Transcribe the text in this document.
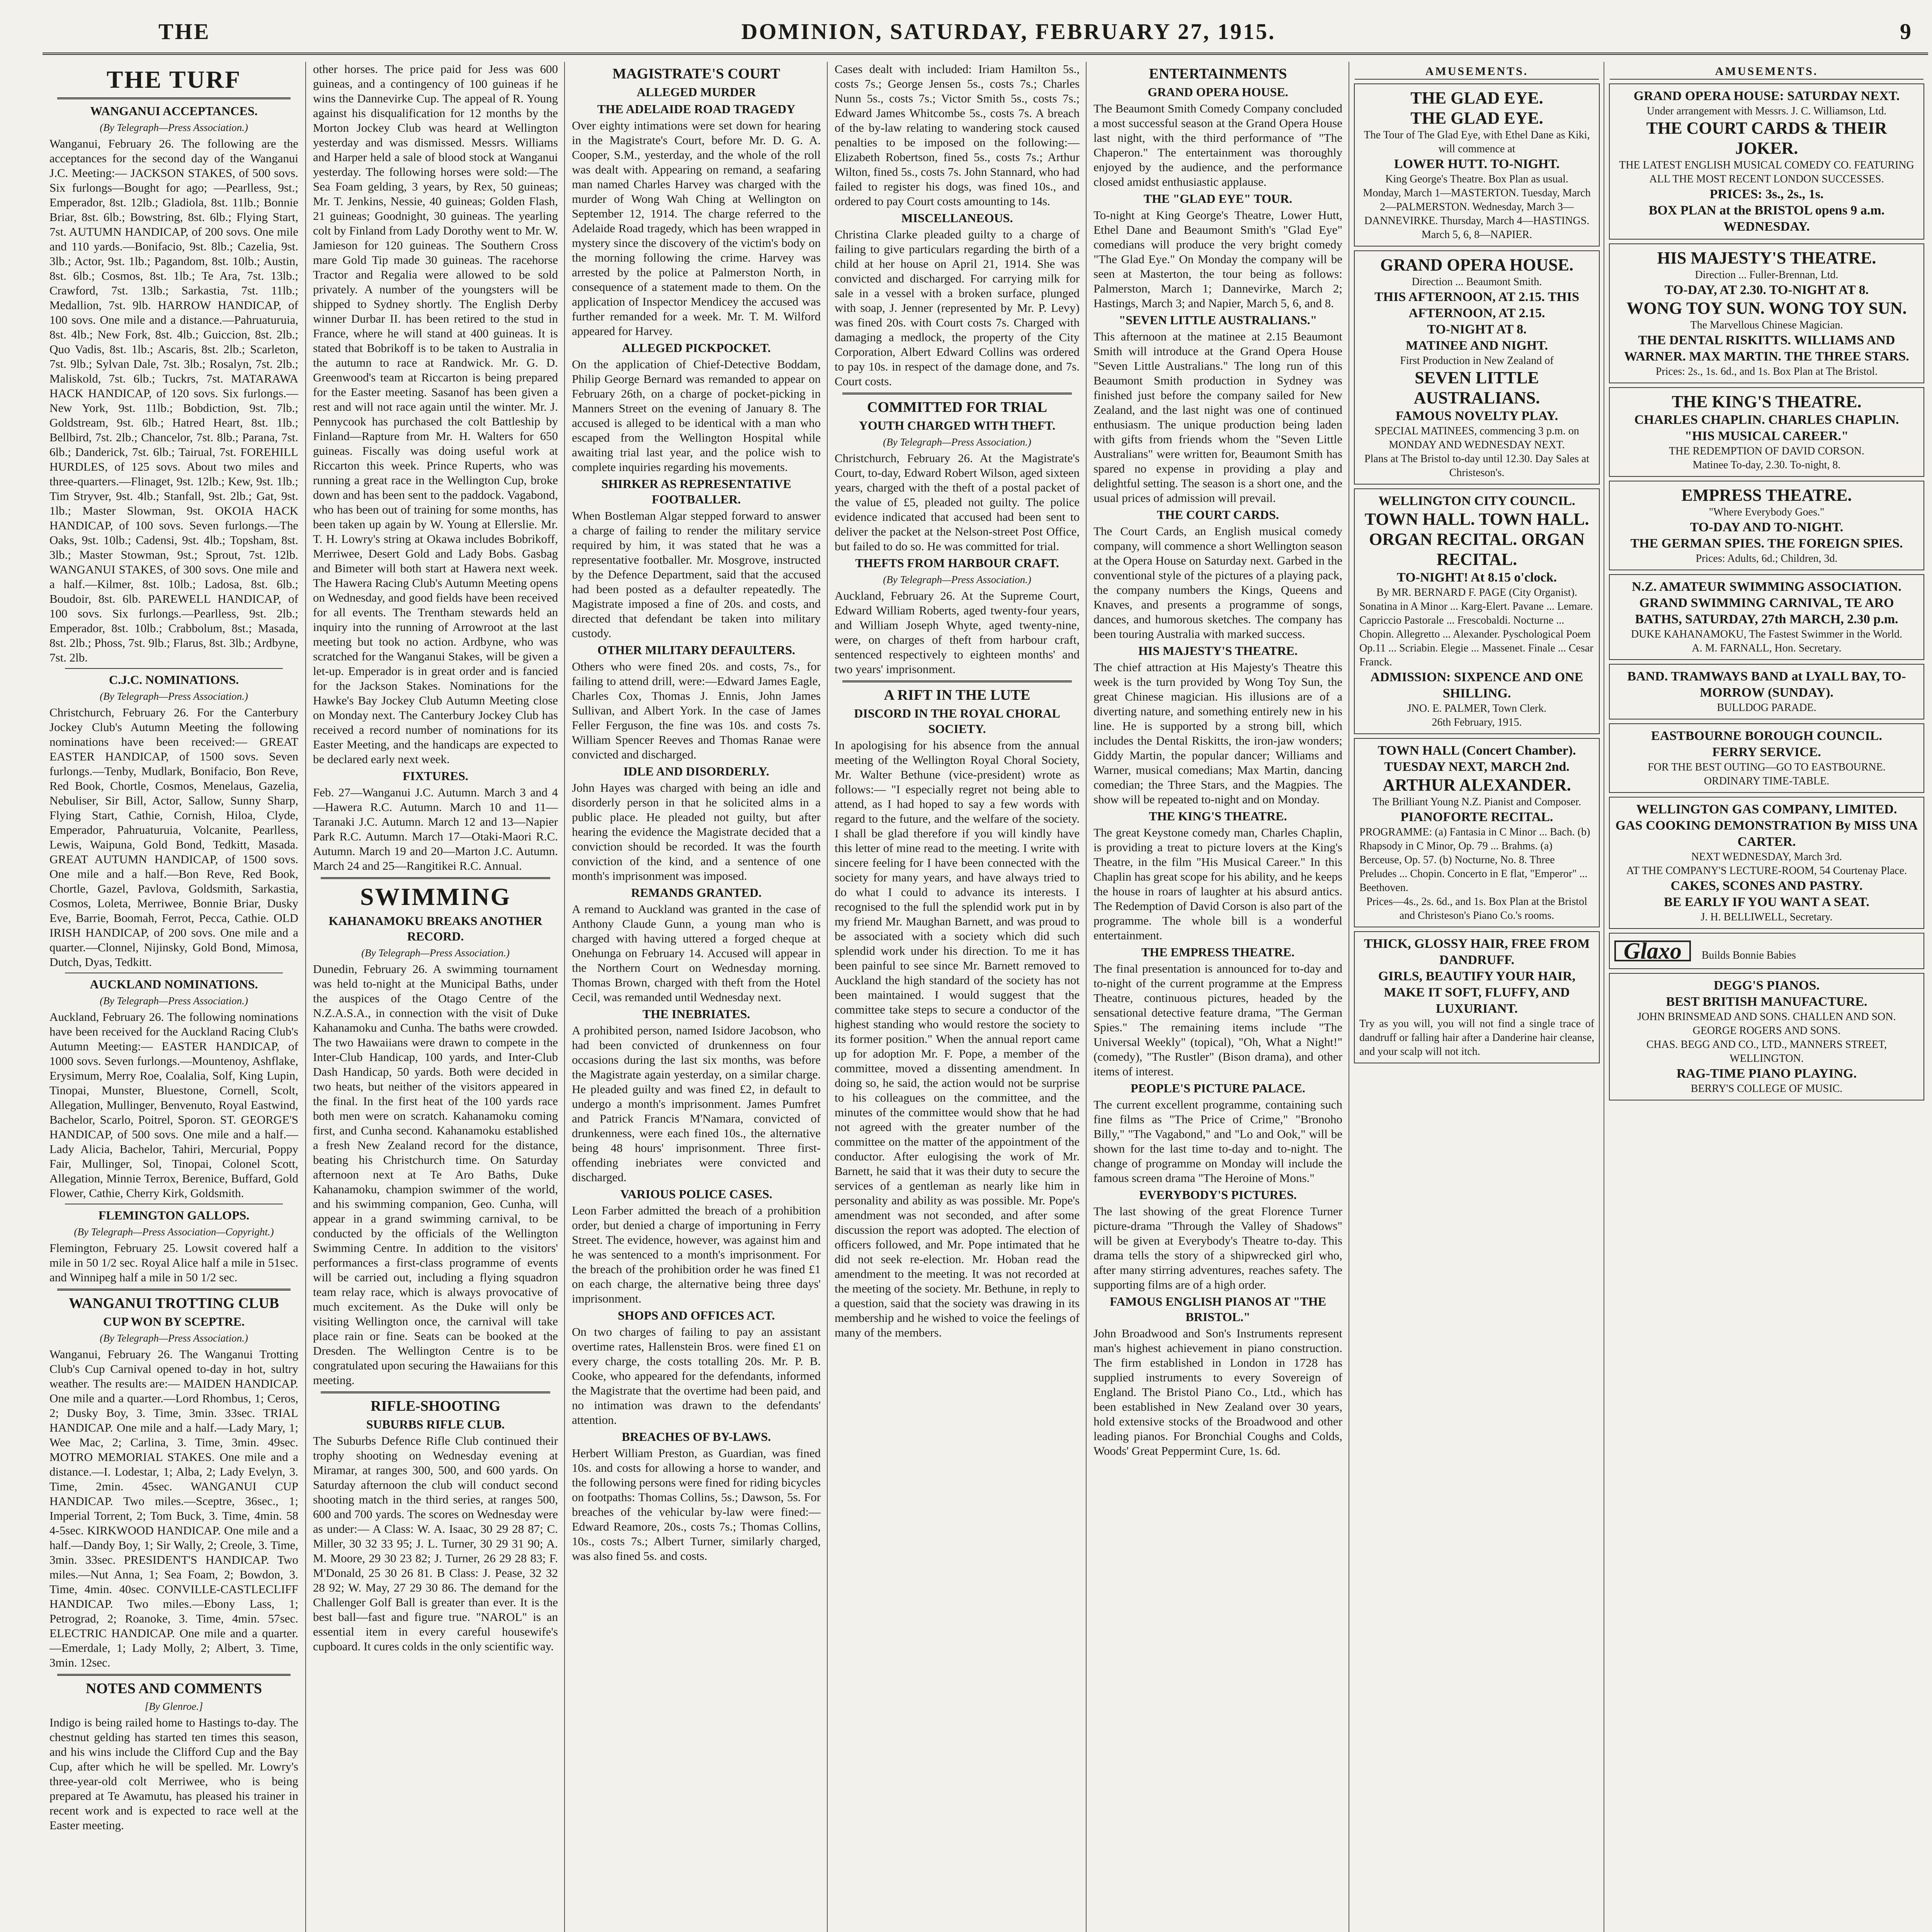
THE	DOMINION, SATURDAY, FEBRUARY 27, 1915.	9
THE TURF
WANGANUI ACCEPTANCES.
(By Telegraph—Press Association.)

Wanganui, February 26. The following are the acceptances for the second day of the Wanganui J.C. Meeting:— JACKSON STAKES, of 500 sovs. Six furlongs—Bought for ago; —Pearlless, 9st.; Emperador, 8st. 12lb.; Gladiola, 8st. 11lb.; Bonnie Briar, 8st. 6lb.; Bowstring, 8st. 6lb.; Flying Start, 7st. AUTUMN HANDICAP, of 200 sovs. One mile and 110 yards.—Bonifacio, 9st. 8lb.; Cazelia, 9st. 3lb.; Actor, 9st. 1lb.; Pagandom, 8st. 10lb.; Austin, 8st. 6lb.; Cosmos, 8st. 1lb.; Te Ara, 7st. 13lb.; Crawford, 7st. 13lb.; Sarkastia, 7st. 11lb.; Medallion, 7st. 9lb. HARROW HANDICAP, of 100 sovs. One mile and a distance.—Pahruaturuia, 8st. 4lb.; New Fork, 8st. 4lb.; Guiccion, 8st. 2lb.; Quo Vadis, 8st. 1lb.; Ascaris, 8st. 2lb.; Scarleton, 7st. 9lb.; Sylvan Dale, 7st. 3lb.; Rosalyn, 7st. 2lb.; Maliskold, 7st. 6lb.; Tuckrs, 7st. MATARAWA HACK HANDICAP, of 120 sovs. Six furlongs.—New York, 9st. 11lb.; Bobdiction, 9st. 7lb.; Goldstream, 9st. 6lb.; Hatred Heart, 8st. 1lb.; Bellbird, 7st. 2lb.; Chancelor, 7st. 8lb.; Parana, 7st. 6lb.; Danderick, 7st. 6lb.; Tairual, 7st. FOREHILL HURDLES, of 125 sovs. About two miles and three-quarters.—Flinaget, 9st. 12lb.; Kew, 9st. 1lb.; Tim Stryver, 9st. 4lb.; Stanfall, 9st. 2lb.; Gat, 9st. 1lb.; Master Slowman, 9st. OKOIA HACK HANDICAP, of 100 sovs. Seven furlongs.—The Oaks, 9st. 10lb.; Cadensi, 9st. 4lb.; Topsham, 8st. 3lb.; Master Stowman, 9st.; Sprout, 7st. 12lb. WANGANUI STAKES, of 300 sovs. One mile and a half.—Kilmer, 8st. 10lb.; Ladosa, 8st. 6lb.; Boudoir, 8st. 6lb. PAREWELL HANDICAP, of 100 sovs. Six furlongs.—Pearlless, 9st. 2lb.; Emperador, 8st. 10lb.; Crabbolum, 8st.; Masada, 8st. 2lb.; Phoss, 7st. 9lb.; Flarus, 8st. 3lb.; Ardbyne, 7st. 2lb.

C.J.C. NOMINATIONS.
(By Telegraph—Press Association.)

Christchurch, February 26. For the Canterbury Jockey Club's Autumn Meeting the following nominations have been received:— GREAT EASTER HANDICAP, of 1500 sovs. Seven furlongs.—Tenby, Mudlark, Bonifacio, Bon Reve, Red Book, Chortle, Cosmos, Menelaus, Gazelia, Nebuliser, Sir Bill, Actor, Sallow, Sunny Sharp, Flying Start, Cathie, Cornish, Hiloa, Clyde, Emperador, Pahruaturuia, Volcanite, Pearlless, Lewis, Waipuna, Gold Bond, Tedkitt, Masada. GREAT AUTUMN HANDICAP, of 1500 sovs. One mile and a half.—Bon Reve, Red Book, Chortle, Gazel, Pavlova, Goldsmith, Sarkastia, Cosmos, Loleta, Merriwee, Bonnie Briar, Dusky Eve, Barrie, Boomah, Ferrot, Pecca, Cathie. OLD IRISH HANDICAP, of 200 sovs. One mile and a quarter.—Clonnel, Nijinsky, Gold Bond, Mimosa, Dutch, Dyas, Tedkitt.

AUCKLAND NOMINATIONS.
(By Telegraph—Press Association.)

Auckland, February 26. The following nominations have been received for the Auckland Racing Club's Autumn Meeting:— EASTER HANDICAP, of 1000 sovs. Seven furlongs.—Mountenoy, Ashflake, Erysimum, Merry Roe, Coalalia, Solf, King Lupin, Tinopai, Munster, Bluestone, Cornell, Scolt, Allegation, Mullinger, Benvenuto, Royal Eastwind, Bachelor, Scarlo, Poitrel, Sporon. ST. GEORGE'S HANDICAP, of 500 sovs. One mile and a half.—Lady Alicia, Bachelor, Tahiri, Mercurial, Poppy Fair, Mullinger, Sol, Tinopai, Colonel Scott, Allegation, Minnie Terrox, Berenice, Buffard, Gold Flower, Cathie, Cherry Kirk, Goldsmith.

FLEMINGTON GALLOPS.
(By Telegraph—Press Association—Copyright.)

Flemington, February 25. Lowsit covered half a mile in 50 1/2 sec. Royal Alice half a mile in 51sec. and Winnipeg half a mile in 50 1/2 sec.

WANGANUI TROTTING CLUB
CUP WON BY SCEPTRE.
(By Telegraph—Press Association.)

Wanganui, February 26. The Wanganui Trotting Club's Cup Carnival opened to-day in hot, sultry weather. The results are:— MAIDEN HANDICAP. One mile and a quarter.—Lord Rhombus, 1; Ceros, 2; Dusky Boy, 3. Time, 3min. 33sec. TRIAL HANDICAP. One mile and a half.—Lady Mary, 1; Wee Mac, 2; Carlina, 3. Time, 3min. 49sec. MOTRO MEMORIAL STAKES. One mile and a distance.—I. Lodestar, 1; Alba, 2; Lady Evelyn, 3. Time, 2min. 45sec. WANGANUI CUP HANDICAP. Two miles.—Sceptre, 36sec., 1; Imperial Torrent, 2; Tom Buck, 3. Time, 4min. 58 4-5sec. KIRKWOOD HANDICAP. One mile and a half.—Dandy Boy, 1; Sir Wally, 2; Creole, 3. Time, 3min. 33sec. PRESIDENT'S HANDICAP. Two miles.—Nut Anna, 1; Sea Foam, 2; Bowdon, 3. Time, 4min. 40sec. CONVILLE-CASTLECLIFF HANDICAP. Two miles.—Ebony Lass, 1; Petrograd, 2; Roanoke, 3. Time, 4min. 57sec. ELECTRIC HANDICAP. One mile and a quarter.—Emerdale, 1; Lady Molly, 2; Albert, 3. Time, 3min. 12sec.

NOTES AND COMMENTS
[By Glenroe.]

Indigo is being railed home to Hastings to-day. The chestnut gelding has started ten times this season, and his wins include the Clifford Cup and the Bay Cup, after which he will be spelled. Mr. Lowry's three-year-old colt Merriwee, who is being prepared at Te Awamutu, has pleased his trainer in recent work and is expected to race well at the Easter meeting.

other horses. The price paid for Jess was 600 guineas, and a contingency of 100 guineas if he wins the Dannevirke Cup. The appeal of R. Young against his disqualification for 12 months by the Morton Jockey Club was heard at Wellington yesterday and was dismissed. Messrs. Williams and Harper held a sale of blood stock at Wanganui yesterday. The following horses were sold:—The Sea Foam gelding, 3 years, by Rex, 50 guineas; Mr. T. Jenkins, Nessie, 40 guineas; Golden Flash, 21 guineas; Goodnight, 30 guineas. The yearling colt by Finland from Lady Dorothy went to Mr. W. Jamieson for 120 guineas. The Southern Cross mare Gold Tip made 30 guineas. The racehorse Tractor and Regalia were allowed to be sold privately. A number of the youngsters will be shipped to Sydney shortly. The English Derby winner Durbar II. has been retired to the stud in France, where he will stand at 400 guineas. It is stated that Bobrikoff is to be taken to Australia in the autumn to race at Randwick. Mr. G. D. Greenwood's team at Riccarton is being prepared for the Easter meeting. Sasanof has been given a rest and will not race again until the winter. Mr. J. Pennycook has purchased the colt Battleship by Finland—Rapture from Mr. H. Walters for 650 guineas. Fiscally was doing useful work at Riccarton this week. Prince Ruperts, who was running a great race in the Wellington Cup, broke down and has been sent to the paddock. Vagabond, who has been out of training for some months, has been taken up again by W. Young at Ellerslie. Mr. T. H. Lowry's string at Okawa includes Bobrikoff, Merriwee, Desert Gold and Lady Bobs. Gasbag and Bimeter will both start at Hawera next week. The Hawera Racing Club's Autumn Meeting opens on Wednesday, and good fields have been received for all events. The Trentham stewards held an inquiry into the running of Arrowroot at the last meeting but took no action. Ardbyne, who was scratched for the Wanganui Stakes, will be given a let-up. Emperador is in great order and is fancied for the Jackson Stakes. Nominations for the Hawke's Bay Jockey Club Autumn Meeting close on Monday next. The Canterbury Jockey Club has received a record number of nominations for its Easter Meeting, and the handicaps are expected to be declared early next week.

FIXTURES.

Feb. 27—Wanganui J.C. Autumn. March 3 and 4—Hawera R.C. Autumn. March 10 and 11—Taranaki J.C. Autumn. March 12 and 13—Napier Park R.C. Autumn. March 17—Otaki-Maori R.C. Autumn. March 19 and 20—Marton J.C. Autumn. March 24 and 25—Rangitikei R.C. Annual.

SWIMMING
KAHANAMOKU BREAKS ANOTHER RECORD.
(By Telegraph—Press Association.)

Dunedin, February 26. A swimming tournament was held to-night at the Municipal Baths, under the auspices of the Otago Centre of the N.Z.A.S.A., in connection with the visit of Duke Kahanamoku and Cunha. The baths were crowded. The two Hawaiians were drawn to compete in the Inter-Club Handicap, 100 yards, and Inter-Club Dash Handicap, 50 yards. Both were decided in two heats, but neither of the visitors appeared in the final. In the first heat of the 100 yards race both men were on scratch. Kahanamoku coming first, and Cunha second. Kahanamoku established a fresh New Zealand record for the distance, beating his Christchurch time. On Saturday afternoon next at Te Aro Baths, Duke Kahanamoku, champion swimmer of the world, and his swimming companion, Geo. Cunha, will appear in a grand swimming carnival, to be conducted by the officials of the Wellington Swimming Centre. In addition to the visitors' performances a first-class programme of events will be carried out, including a flying squadron team relay race, which is always provocative of much excitement. As the Duke will only be visiting Wellington once, the carnival will take place rain or fine. Seats can be booked at the Dresden. The Wellington Centre is to be congratulated upon securing the Hawaiians for this meeting.

RIFLE-SHOOTING
SUBURBS RIFLE CLUB.

The Suburbs Defence Rifle Club continued their trophy shooting on Wednesday evening at Miramar, at ranges 300, 500, and 600 yards. On Saturday afternoon the club will conduct second shooting match in the third series, at ranges 500, 600 and 700 yards. The scores on Wednesday were as under:— A Class: W. A. Isaac, 30 29 28 87; C. Miller, 30 32 33 95; J. L. Turner, 30 29 31 90; A. M. Moore, 29 30 23 82; J. Turner, 26 29 28 83; F. M'Donald, 25 30 26 81. B Class: J. Pease, 32 32 28 92; W. May, 27 29 30 86. The demand for the Challenger Golf Ball is greater than ever. It is the best ball—fast and figure true. "NAROL" is an essential item in every careful housewife's cupboard. It cures colds in the only scientific way.

MAGISTRATE'S COURT
ALLEGED MURDER
THE ADELAIDE ROAD TRAGEDY

Over eighty intimations were set down for hearing in the Magistrate's Court, before Mr. D. G. A. Cooper, S.M., yesterday, and the whole of the roll was dealt with. Appearing on remand, a seafaring man named Charles Harvey was charged with the murder of Wong Wah Ching at Wellington on September 12, 1914. The charge referred to the Adelaide Road tragedy, which has been wrapped in mystery since the discovery of the victim's body on the morning following the crime. Harvey was arrested by the police at Palmerston North, in consequence of a statement made to them. On the application of Inspector Mendicey the accused was further remanded for a week. Mr. T. M. Wilford appeared for Harvey.

ALLEGED PICKPOCKET.

On the application of Chief-Detective Boddam, Philip George Bernard was remanded to appear on February 26th, on a charge of pocket-picking in Manners Street on the evening of January 8. The accused is alleged to be identical with a man who escaped from the Wellington Hospital while awaiting trial last year, and the police wish to complete inquiries regarding his movements.

SHIRKER AS REPRESENTATIVE FOOTBALLER.

When Bostleman Algar stepped forward to answer a charge of failing to render the military service required by him, it was stated that he was a representative footballer. Mr. Mosgrove, instructed by the Defence Department, said that the accused had been posted as a defaulter repeatedly. The Magistrate imposed a fine of 20s. and costs, and directed that defendant be taken into military custody.

OTHER MILITARY DEFAULTERS.

Others who were fined 20s. and costs, 7s., for failing to attend drill, were:—Edward James Eagle, Charles Cox, Thomas J. Ennis, John James Sullivan, and Albert York. In the case of James Feller Ferguson, the fine was 10s. and costs 7s. William Spencer Reeves and Thomas Ranae were convicted and discharged.

IDLE AND DISORDERLY.

John Hayes was charged with being an idle and disorderly person in that he solicited alms in a public place. He pleaded not guilty, but after hearing the evidence the Magistrate decided that a conviction should be recorded. It was the fourth conviction of the kind, and a sentence of one month's imprisonment was imposed.

REMANDS GRANTED.

A remand to Auckland was granted in the case of Anthony Claude Gunn, a young man who is charged with having uttered a forged cheque at Onehunga on February 14. Accused will appear in the Northern Court on Wednesday morning. Thomas Brown, charged with theft from the Hotel Cecil, was remanded until Wednesday next.

THE INEBRIATES.

A prohibited person, named Isidore Jacobson, who had been convicted of drunkenness on four occasions during the last six months, was before the Magistrate again yesterday, on a similar charge. He pleaded guilty and was fined £2, in default to undergo a month's imprisonment. James Pumfret and Patrick Francis M'Namara, convicted of drunkenness, were each fined 10s., the alternative being 48 hours' imprisonment. Three first-offending inebriates were convicted and discharged.

VARIOUS POLICE CASES.

Leon Farber admitted the breach of a prohibition order, but denied a charge of importuning in Ferry Street. The evidence, however, was against him and he was sentenced to a month's imprisonment. For the breach of the prohibition order he was fined £1 on each charge, the alternative being three days' imprisonment.

SHOPS AND OFFICES ACT.

On two charges of failing to pay an assistant overtime rates, Hallenstein Bros. were fined £1 on every charge, the costs totalling 20s. Mr. P. B. Cooke, who appeared for the defendants, informed the Magistrate that the overtime had been paid, and no intimation was drawn to the defendants' attention.

BREACHES OF BY-LAWS.

Herbert William Preston, as Guardian, was fined 10s. and costs for allowing a horse to wander, and the following persons were fined for riding bicycles on footpaths: Thomas Collins, 5s.; Dawson, 5s. For breaches of the vehicular by-law were fined:—Edward Reamore, 20s., costs 7s.; Thomas Collins, 10s., costs 7s.; Albert Turner, similarly charged, was also fined 5s. and costs.

Cases dealt with included: Iriam Hamilton 5s., costs 7s.; George Jensen 5s., costs 7s.; Charles Nunn 5s., costs 7s.; Victor Smith 5s., costs 7s.; Edward James Whitcombe 5s., costs 7s. A breach of the by-law relating to wandering stock caused penalties to be imposed on the following:—Elizabeth Robertson, fined 5s., costs 7s.; Arthur Wilton, fined 5s., costs 7s. John Stannard, who had failed to register his dogs, was fined 10s., and ordered to pay Court costs amounting to 14s.

MISCELLANEOUS.

Christina Clarke pleaded guilty to a charge of failing to give particulars regarding the birth of a child at her house on April 21, 1914. She was convicted and discharged. For carrying milk for sale in a vessel with a broken surface, plunged with soap, J. Jenner (represented by Mr. P. Levy) was fined 20s. with Court costs 7s. Charged with damaging a medlock, the property of the City Corporation, Albert Edward Collins was ordered to pay 10s. in respect of the damage done, and 7s. Court costs.

COMMITTED FOR TRIAL
YOUTH CHARGED WITH THEFT.
(By Telegraph—Press Association.)

Christchurch, February 26. At the Magistrate's Court, to-day, Edward Robert Wilson, aged sixteen years, charged with the theft of a postal packet of the value of £5, pleaded not guilty. The police evidence indicated that accused had been sent to deliver the packet at the Nelson-street Post Office, but failed to do so. He was committed for trial.

THEFTS FROM HARBOUR CRAFT.
(By Telegraph—Press Association.)

Auckland, February 26. At the Supreme Court, Edward William Roberts, aged twenty-four years, and William Joseph Whyte, aged twenty-nine, were, on charges of theft from harbour craft, sentenced respectively to eighteen months' and two years' imprisonment.

A RIFT IN THE LUTE
DISCORD IN THE ROYAL CHORAL SOCIETY.

In apologising for his absence from the annual meeting of the Wellington Royal Choral Society, Mr. Walter Bethune (vice-president) wrote as follows:— "I especially regret not being able to attend, as I had hoped to say a few words with regard to the future, and the welfare of the society. I shall be glad therefore if you will kindly have this letter of mine read to the meeting. I write with sincere feeling for I have been connected with the society for many years, and have always tried to do what I could to advance its interests. I recognised to the full the splendid work put in by my friend Mr. Maughan Barnett, and was proud to be associated with a society which did such splendid work under his direction. To me it has been painful to see since Mr. Barnett removed to Auckland the high standard of the society has not been maintained. I would suggest that the committee take steps to secure a conductor of the highest standing who would restore the society to its former position." When the annual report came up for adoption Mr. F. Pope, a member of the committee, moved a dissenting amendment. In doing so, he said, the action would not be surprise to his colleagues on the committee, and the minutes of the committee would show that he had not agreed with the greater number of the committee on the matter of the appointment of the conductor. After eulogising the work of Mr. Barnett, he said that it was their duty to secure the services of a gentleman as nearly like him in personality and ability as was possible. Mr. Pope's amendment was not seconded, and after some discussion the report was adopted. The election of officers followed, and Mr. Pope intimated that he did not seek re-election. Mr. Hoban read the amendment to the meeting. It was not recorded at the meeting of the society. Mr. Bethune, in reply to a question, said that the society was drawing in its membership and he wished to voice the feelings of many of the members.

ENTERTAINMENTS
GRAND OPERA HOUSE.

The Beaumont Smith Comedy Company concluded a most successful season at the Grand Opera House last night, with the third performance of "The Chaperon." The entertainment was thoroughly enjoyed by the audience, and the performance closed amidst enthusiastic applause.

THE "GLAD EYE" TOUR.

To-night at King George's Theatre, Lower Hutt, Ethel Dane and Beaumont Smith's "Glad Eye" comedians will produce the very bright comedy "The Glad Eye." On Monday the company will be seen at Masterton, the tour being as follows: Palmerston, March 1; Dannevirke, March 2; Hastings, March 3; and Napier, March 5, 6, and 8.

"SEVEN LITTLE AUSTRALIANS."

This afternoon at the matinee at 2.15 Beaumont Smith will introduce at the Grand Opera House "Seven Little Australians." The long run of this Beaumont Smith production in Sydney was finished just before the company sailed for New Zealand, and the last night was one of continued enthusiasm. The unique production being laden with gifts from friends whom the "Seven Little Australians" were written for, Beaumont Smith has spared no expense in providing a play and delightful setting. The season is a short one, and the usual prices of admission will prevail.

THE COURT CARDS.

The Court Cards, an English musical comedy company, will commence a short Wellington season at the Opera House on Saturday next. Garbed in the conventional style of the pictures of a playing pack, the company numbers the Kings, Queens and Knaves, and presents a programme of songs, dances, and humorous sketches. The company has been touring Australia with marked success.

HIS MAJESTY'S THEATRE.

The chief attraction at His Majesty's Theatre this week is the turn provided by Wong Toy Sun, the great Chinese magician. His illusions are of a diverting nature, and something entirely new in his line. He is supported by a strong bill, which includes the Dental Riskitts, the iron-jaw wonders; Giddy Martin, the popular dancer; Williams and Warner, musical comedians; Max Martin, dancing comedian; the Three Stars, and the Magpies. The show will be repeated to-night and on Monday.

THE KING'S THEATRE.

The great Keystone comedy man, Charles Chaplin, is providing a treat to picture lovers at the King's Theatre, in the film "His Musical Career." In this Chaplin has great scope for his ability, and he keeps the house in roars of laughter at his absurd antics. The Redemption of David Corson is also part of the programme. The whole bill is a wonderful entertainment.

THE EMPRESS THEATRE.

The final presentation is announced for to-day and to-night of the current programme at the Empress Theatre, continuous pictures, headed by the sensational detective feature drama, "The German Spies." The remaining items include "The Universal Weekly" (topical), "Oh, What a Night!" (comedy), "The Rustler" (Bison drama), and other items of interest.

PEOPLE'S PICTURE PALACE.

The current excellent programme, containing such fine films as "The Price of Crime," "Bronoho Billy," "The Vagabond," and "Lo and Ook," will be shown for the last time to-day and to-night. The change of programme on Monday will include the famous screen drama "The Heroine of Mons."

EVERYBODY'S PICTURES.

The last showing of the great Florence Turner picture-drama "Through the Valley of Shadows" will be given at Everybody's Theatre to-day. This drama tells the story of a shipwrecked girl who, after many stirring adventures, reaches safety. The supporting films are of a high order.

FAMOUS ENGLISH PIANOS AT "THE BRISTOL."

John Broadwood and Son's Instruments represent man's highest achievement in piano construction. The firm established in London in 1728 has supplied instruments to every Sovereign of England. The Bristol Piano Co., Ltd., which has been established in New Zealand over 30 years, hold extensive stocks of the Broadwood and other leading pianos. For Bronchial Coughs and Colds, Woods' Great Peppermint Cure, 1s. 6d.

AMUSEMENTS.
THE GLAD EYE.
THE GLAD EYE.
The Tour of The Glad Eye, with Ethel Dane as Kiki, will commence at
LOWER HUTT. TO-NIGHT.
King George's Theatre. Box Plan as usual.
Monday, March 1—MASTERTON. Tuesday, March 2—PALMERSTON. Wednesday, March 3—DANNEVIRKE. Thursday, March 4—HASTINGS. March 5, 6, 8—NAPIER.
GRAND OPERA HOUSE.
Direction ... Beaumont Smith.
THIS AFTERNOON, AT 2.15. THIS AFTERNOON, AT 2.15.
TO-NIGHT AT 8.
MATINEE AND NIGHT.
First Production in New Zealand of
SEVEN LITTLE AUSTRALIANS.
FAMOUS NOVELTY PLAY.
SPECIAL MATINEES, commencing 3 p.m. on MONDAY AND WEDNESDAY NEXT.
Plans at The Bristol to-day until 12.30. Day Sales at Christeson's.
WELLINGTON CITY COUNCIL.
TOWN HALL. TOWN HALL.
ORGAN RECITAL. ORGAN RECITAL.
TO-NIGHT! At 8.15 o'clock.
By MR. BERNARD F. PAGE (City Organist).
Sonatina in A Minor ... Karg-Elert. Pavane ... Lemare. Capriccio Pastorale ... Frescobaldi. Nocturne ... Chopin. Allegretto ... Alexander. Pyschological Poem Op.11 ... Scriabin. Elegie ... Massenet. Finale ... Cesar Franck.
ADMISSION: SIXPENCE AND ONE SHILLING.
JNO. E. PALMER, Town Clerk.
26th February, 1915.
TOWN HALL (Concert Chamber).
TUESDAY NEXT, MARCH 2nd.
ARTHUR ALEXANDER.
The Brilliant Young N.Z. Pianist and Composer.
PIANOFORTE RECITAL.
PROGRAMME: (a) Fantasia in C Minor ... Bach. (b) Rhapsody in C Minor, Op. 79 ... Brahms. (a) Berceuse, Op. 57. (b) Nocturne, No. 8. Three Preludes ... Chopin. Concerto in E flat, "Emperor" ... Beethoven.
Prices—4s., 2s. 6d., and 1s. Box Plan at the Bristol and Christeson's Piano Co.'s rooms.
THICK, GLOSSY HAIR, FREE FROM DANDRUFF.
GIRLS, BEAUTIFY YOUR HAIR, MAKE IT SOFT, FLUFFY, AND LUXURIANT.
Try as you will, you will not find a single trace of dandruff or falling hair after a Danderine hair cleanse, and your scalp will not itch.
AMUSEMENTS.
GRAND OPERA HOUSE: SATURDAY NEXT.
Under arrangement with Messrs. J. C. Williamson, Ltd.
THE COURT CARDS & THEIR JOKER.
THE LATEST ENGLISH MUSICAL COMEDY CO. FEATURING ALL THE MOST RECENT LONDON SUCCESSES.
PRICES: 3s., 2s., 1s.
BOX PLAN at the BRISTOL opens 9 a.m. WEDNESDAY.
HIS MAJESTY'S THEATRE.
Direction ... Fuller-Brennan, Ltd.
TO-DAY, AT 2.30. TO-NIGHT AT 8.
WONG TOY SUN. WONG TOY SUN.
The Marvellous Chinese Magician.
THE DENTAL RISKITTS. WILLIAMS AND WARNER. MAX MARTIN. THE THREE STARS.
Prices: 2s., 1s. 6d., and 1s. Box Plan at The Bristol.
THE KING'S THEATRE.
CHARLES CHAPLIN. CHARLES CHAPLIN.
"HIS MUSICAL CAREER."
THE REDEMPTION OF DAVID CORSON.
Matinee To-day, 2.30. To-night, 8.
EMPRESS THEATRE.
"Where Everybody Goes."
TO-DAY AND TO-NIGHT.
THE GERMAN SPIES. THE FOREIGN SPIES.
Prices: Adults, 6d.; Children, 3d.
N.Z. AMATEUR SWIMMING ASSOCIATION.
GRAND SWIMMING CARNIVAL, TE ARO BATHS, SATURDAY, 27th MARCH, 2.30 p.m.
DUKE KAHANAMOKU, The Fastest Swimmer in the World.
A. M. FARNALL, Hon. Secretary.
BAND. TRAMWAYS BAND at LYALL BAY, TO-MORROW (SUNDAY).
BULLDOG PARADE.
EASTBOURNE BOROUGH COUNCIL.
FERRY SERVICE.
FOR THE BEST OUTING—GO TO EASTBOURNE.
ORDINARY TIME-TABLE.
WELLINGTON GAS COMPANY, LIMITED.
GAS COOKING DEMONSTRATION By MISS UNA CARTER.
NEXT WEDNESDAY, March 3rd.
AT THE COMPANY'S LECTURE-ROOM, 54 Courtenay Place.
CAKES, SCONES AND PASTRY.
BE EARLY IF YOU WANT A SEAT.
J. H. BELLIWELL, Secretary.
Glaxo Builds Bonnie Babies
DEGG'S PIANOS.
BEST BRITISH MANUFACTURE.
JOHN BRINSMEAD AND SONS. CHALLEN AND SON. GEORGE ROGERS AND SONS.
CHAS. BEGG AND CO., LTD., MANNERS STREET, WELLINGTON.
RAG-TIME PIANO PLAYING.
BERRY'S COLLEGE OF MUSIC.
